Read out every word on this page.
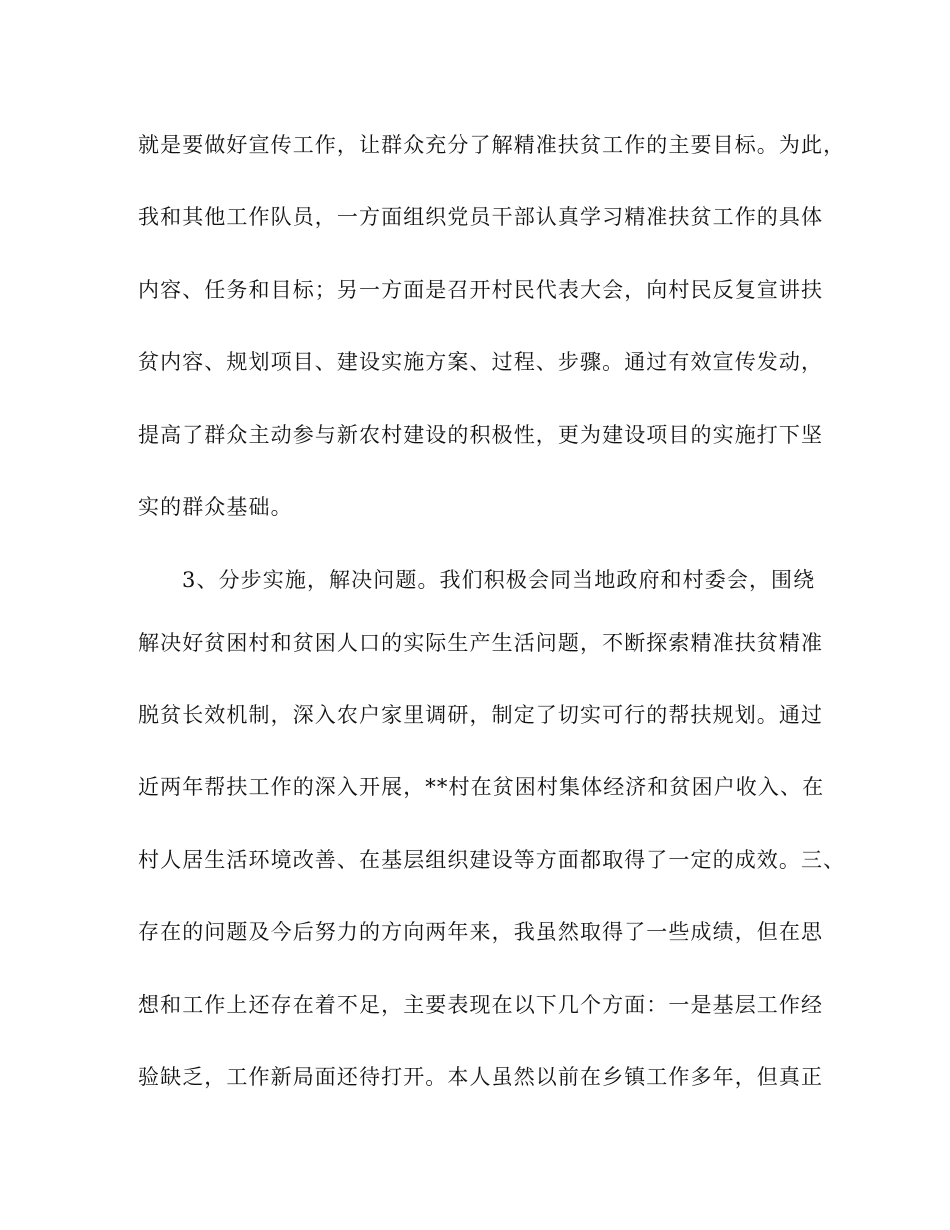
就是要做好宣传工作，让群众充分了解精准扶贫工作的主要目标。为此，
我和其他工作队员，一方面组织党员干部认真学习精准扶贫工作的具体
内容、任务和目标；另一方面是召开村民代表大会，向村民反复宣讲扶
贫内容、规划项目、建设实施方案、过程、步骤。通过有效宣传发动，
提高了群众主动参与新农村建设的积极性，更为建设项目的实施打下坚
实的群众基础。
3、分步实施，解决问题。我们积极会同当地政府和村委会，围绕
解决好贫困村和贫困人口的实际生产生活问题，不断探索精准扶贫精准
脱贫长效机制，深入农户家里调研，制定了切实可行的帮扶规划。通过
近两年帮扶工作的深入开展，**村在贫困村集体经济和贫困户收入、在
村人居生活环境改善、在基层组织建设等方面都取得了一定的成效。三、
存在的问题及今后努力的方向两年来，我虽然取得了一些成绩，但在思
想和工作上还存在着不足，主要表现在以下几个方面：一是基层工作经
验缺乏，工作新局面还待打开。本人虽然以前在乡镇工作多年，但真正
